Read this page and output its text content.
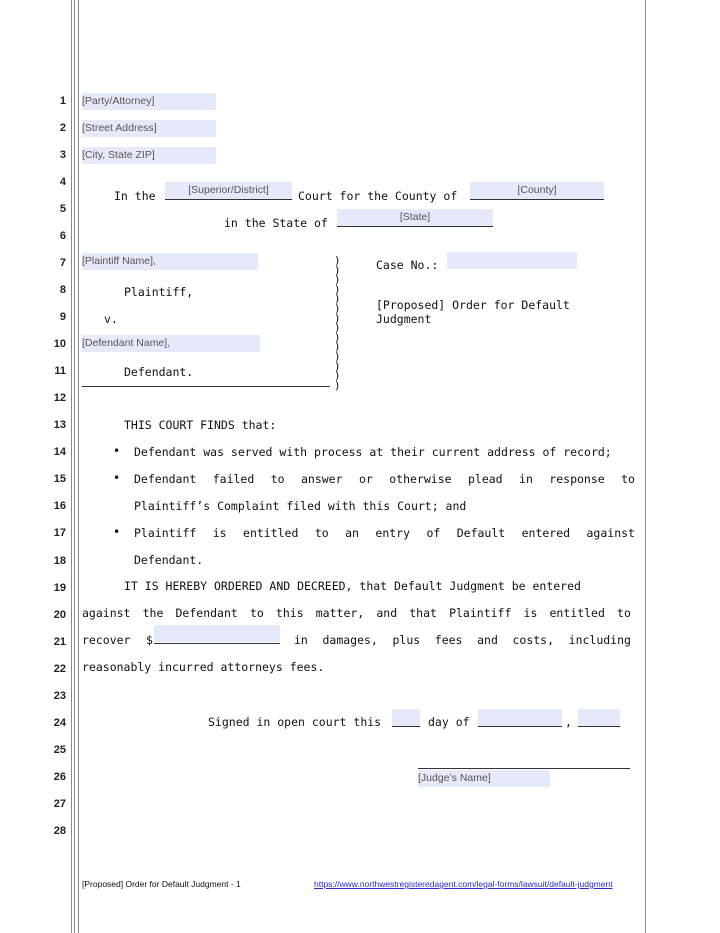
1
2
3
4
5
6
7
8
9
10
11
12
13
14
15
16
17
18
19
20
21
22
23
24
25
26
27
28
[Party/Attorney]
[Street Address]
[City, State ZIP]
In the	[Superior/District]	Court for the County of	[County]
in the State of	[State]
[Plaintiff Name],
Plaintiff,
v.
[Defendant Name],
Defendant.
)
)
)
)
)
)
)
)
)
)
)
)
)
)
Case No.:
[Proposed] Order for Default
Judgment
THIS COURT FINDS that:
• Defendant was served with process at their current address of record;
• Defendant failed to answer or otherwise plead in response to
Plaintiff’s Complaint filed with this Court; and
• Plaintiff is entitled to an entry of Default entered against
Defendant.
IT IS HEREBY ORDERED AND DECREED, that Default Judgment be entered
against the Defendant to this matter, and that Plaintiff is entitled to
recover $	in damages, plus fees and costs, including
reasonably incurred attorneys fees.
Signed in open court this	day of	,
[Judge’s Name]
[Proposed] Order for Default Judgment - 1	https://www.northwestregisteredagent.com/legal-forms/lawsuit/default-judgment
